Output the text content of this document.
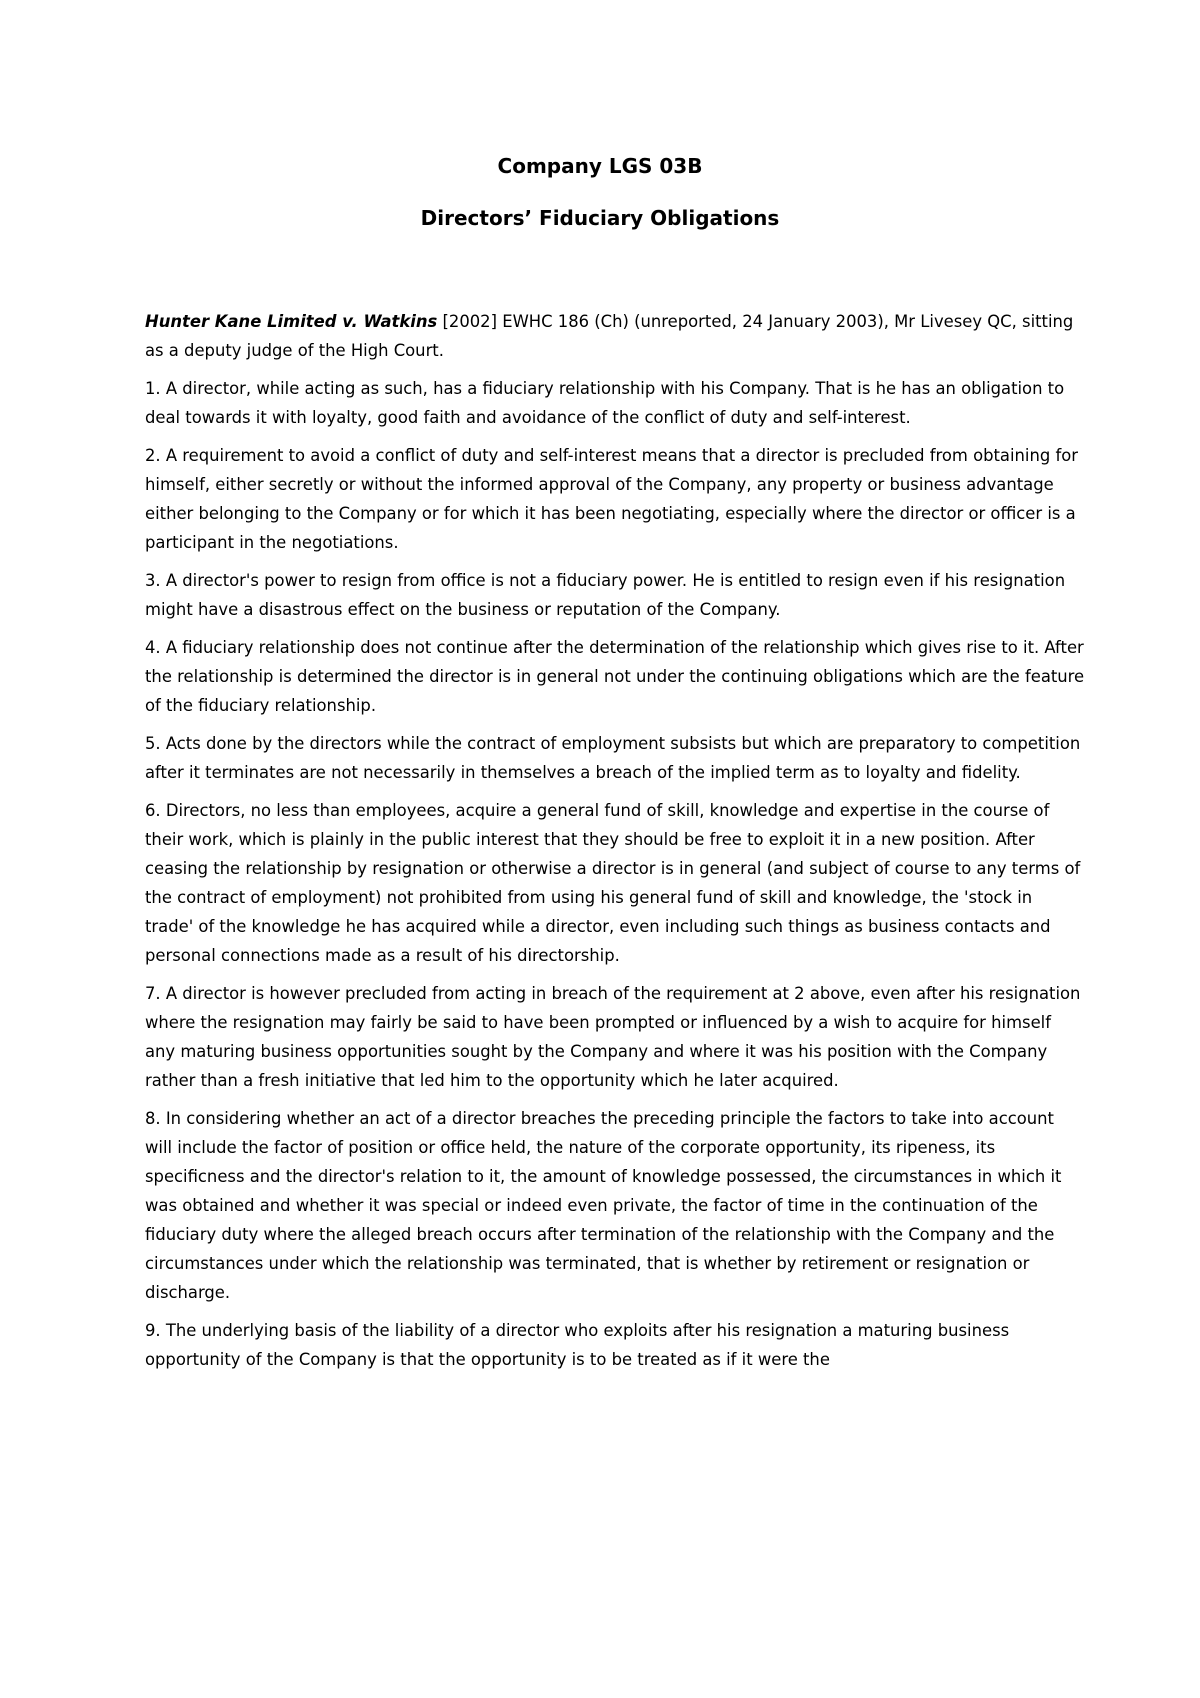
Company LGS 03B
Directors’ Fiduciary Obligations

Hunter Kane Limited v. Watkins [2002] EWHC 186 (Ch) (unreported, 24 January 2003), Mr Livesey QC, sitting as a deputy judge of the High Court.

1. A director, while acting as such, has a fiduciary relationship with his Company. That is he has an obligation to deal towards it with loyalty, good faith and avoidance of the conflict of duty and self-interest.

2. A requirement to avoid a conflict of duty and self-interest means that a director is precluded from obtaining for himself, either secretly or without the informed approval of the Company, any property or business advantage either belonging to the Company or for which it has been negotiating, especially where the director or officer is a participant in the negotiations.

3. A director's power to resign from office is not a fiduciary power. He is entitled to resign even if his resignation might have a disastrous effect on the business or reputation of the Company.

4. A fiduciary relationship does not continue after the determination of the relationship which gives rise to it. After the relationship is determined the director is in general not under the continuing obligations which are the feature of the fiduciary relationship.

5. Acts done by the directors while the contract of employment subsists but which are preparatory to competition after it terminates are not necessarily in themselves a breach of the implied term as to loyalty and fidelity.

6. Directors, no less than employees, acquire a general fund of skill, knowledge and expertise in the course of their work, which is plainly in the public interest that they should be free to exploit it in a new position. After ceasing the relationship by resignation or otherwise a director is in general (and subject of course to any terms of the contract of employment) not prohibited from using his general fund of skill and knowledge, the 'stock in trade' of the knowledge he has acquired while a director, even including such things as business contacts and personal connections made as a result of his directorship.

7. A director is however precluded from acting in breach of the requirement at 2 above, even after his resignation where the resignation may fairly be said to have been prompted or influenced by a wish to acquire for himself any maturing business opportunities sought by the Company and where it was his position with the Company rather than a fresh initiative that led him to the opportunity which he later acquired.

8. In considering whether an act of a director breaches the preceding principle the factors to take into account will include the factor of position or office held, the nature of the corporate opportunity, its ripeness, its specificness and the director's relation to it, the amount of knowledge possessed, the circumstances in which it was obtained and whether it was special or indeed even private, the factor of time in the continuation of the fiduciary duty where the alleged breach occurs after termination of the relationship with the Company and the circumstances under which the relationship was terminated, that is whether by retirement or resignation or discharge.

9. The underlying basis of the liability of a director who exploits after his resignation a maturing business opportunity of the Company is that the opportunity is to be treated as if it were the
